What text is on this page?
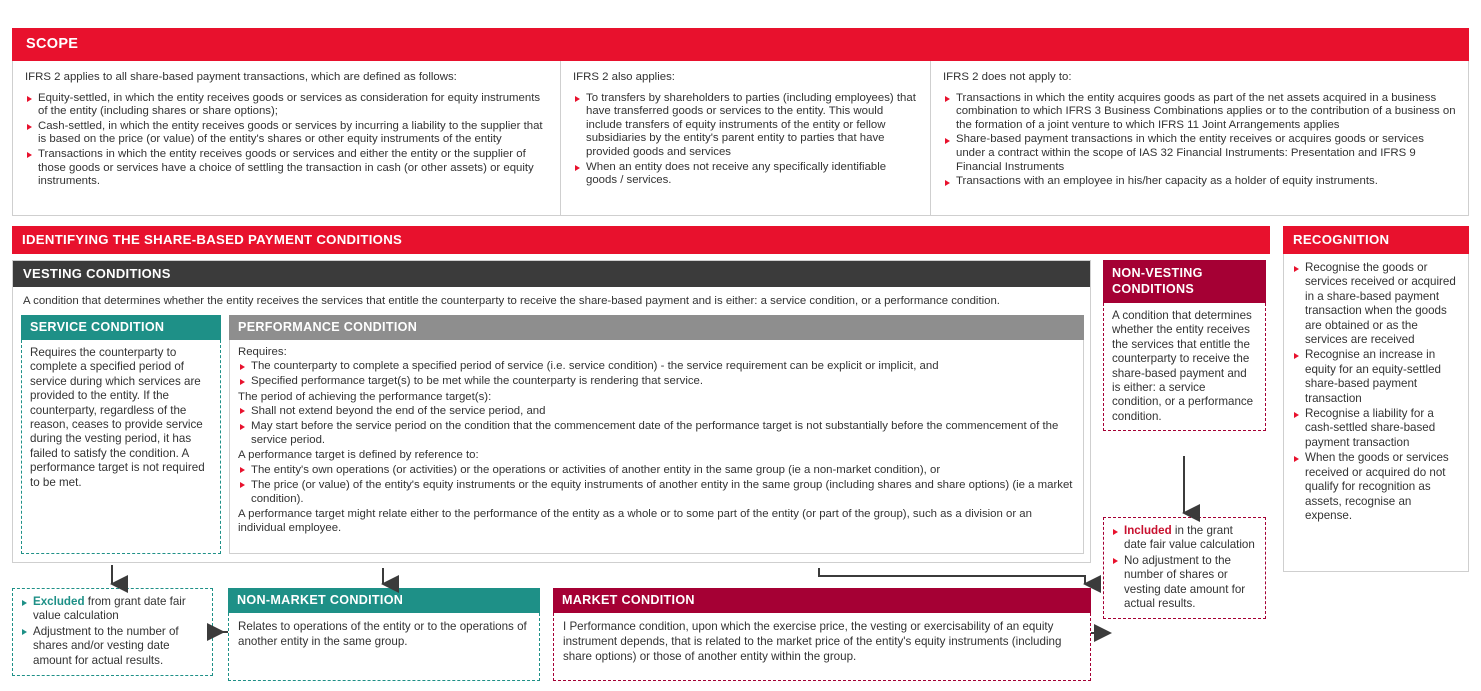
SCOPE
IFRS 2 applies to all share-based payment transactions, which are defined as follows:
Equity-settled, in which the entity receives goods or services as consideration for equity instruments of the entity (including shares or share options);
Cash-settled, in which the entity receives goods or services by incurring a liability to the supplier that is based on the price (or value) of the entity's shares or other equity instruments of the entity
Transactions in which the entity receives goods or services and either the entity or the supplier of those goods or services have a choice of settling the transaction in cash (or other assets) or equity instruments.
IFRS 2 also applies:
To transfers by shareholders to parties (including employees) that have transferred goods or services to the entity. This would include transfers of equity instruments of the entity or fellow subsidiaries by the entity's parent entity to parties that have provided goods and services
When an entity does not receive any specifically identifiable goods / services.
IFRS 2 does not apply to:
Transactions in which the entity acquires goods as part of the net assets acquired in a business combination to which IFRS 3 Business Combinations applies or to the contribution of a business on the formation of a joint venture to which IFRS 11 Joint Arrangements applies
Share-based payment transactions in which the entity receives or acquires goods or services under a contract within the scope of IAS 32 Financial Instruments: Presentation and IFRS 9 Financial Instruments
Transactions with an employee in his/her capacity as a holder of equity instruments.
IDENTIFYING THE SHARE-BASED PAYMENT CONDITIONS
VESTING CONDITIONS
A condition that determines whether the entity receives the services that entitle the counterparty to receive the share-based payment and is either: a service condition, or a performance condition.
SERVICE CONDITION
Requires the counterparty to complete a specified period of service during which services are provided to the entity. If the counterparty, regardless of the reason, ceases to provide service during the vesting period, it has failed to satisfy the condition. A performance target is not required to be met.
PERFORMANCE CONDITION
Requires:
The counterparty to complete a specified period of service (i.e. service condition) - the service requirement can be explicit or implicit, and
Specified performance target(s) to be met while the counterparty is rendering that service.
The period of achieving the performance target(s):
Shall not extend beyond the end of the service period, and
May start before the service period on the condition that the commencement date of the performance target is not substantially before the commencement of the service period.
A performance target is defined by reference to:
The entity's own operations (or activities) or the operations or activities of another entity in the same group (ie a non-market condition), or
The price (or value) of the entity's equity instruments or the equity instruments of another entity in the same group (including shares and share options) (ie a market condition).
A performance target might relate either to the performance of the entity as a whole or to some part of the entity (or part of the group), such as a division or an individual employee.
NON-VESTING CONDITIONS
A condition that determines whether the entity receives the services that entitle the counterparty to receive the share-based payment and is either: a service condition, or a performance condition.
Included in the grant date fair value calculation
No adjustment to the number of shares or vesting date amount for actual results.
RECOGNITION
Recognise the goods or services received or acquired in a share-based payment transaction when the goods are obtained or as the services are received
Recognise an increase in equity for an equity-settled share-based payment transaction
Recognise a liability for a cash-settled share-based payment transaction
When the goods or services received or acquired do not qualify for recognition as assets, recognise an expense.
Excluded from grant date fair value calculation
Adjustment to the number of shares and/or vesting date amount for actual results.
NON-MARKET CONDITION
Relates to operations of the entity or to the operations of another entity in the same group.
MARKET CONDITION
I Performance condition, upon which the exercise price, the vesting or exercisability of an equity instrument depends, that is related to the market price of the entity's equity instruments (including share options) or those of another entity within the group.
